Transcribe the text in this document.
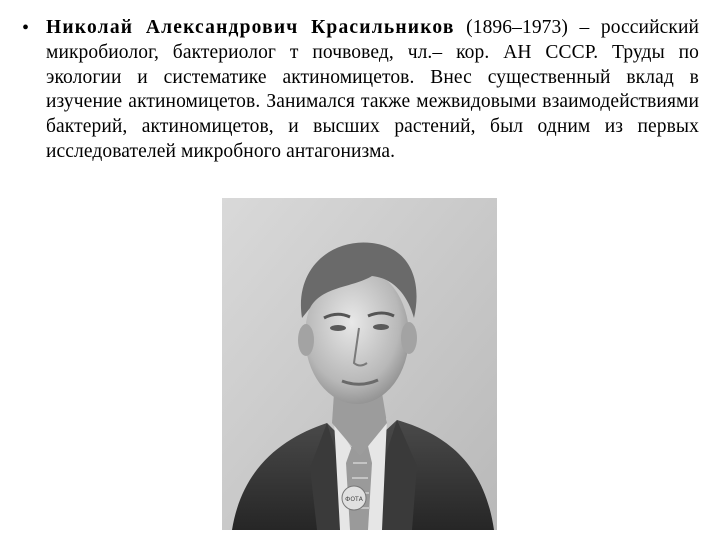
• Николай Александрович Красильников (1896–1973) – российский микробиолог, бактериолог т почвовед, чл.– кор. АН СССР. Труды по экологии и систематике актиномицетов. Внес существенный вклад в изучение актиномицетов. Занимался также межвидовыми взаимодействиями бактерий, актиномицетов, и высших растений, был одним из первых исследователей микробного антагонизма.
ФОТА
